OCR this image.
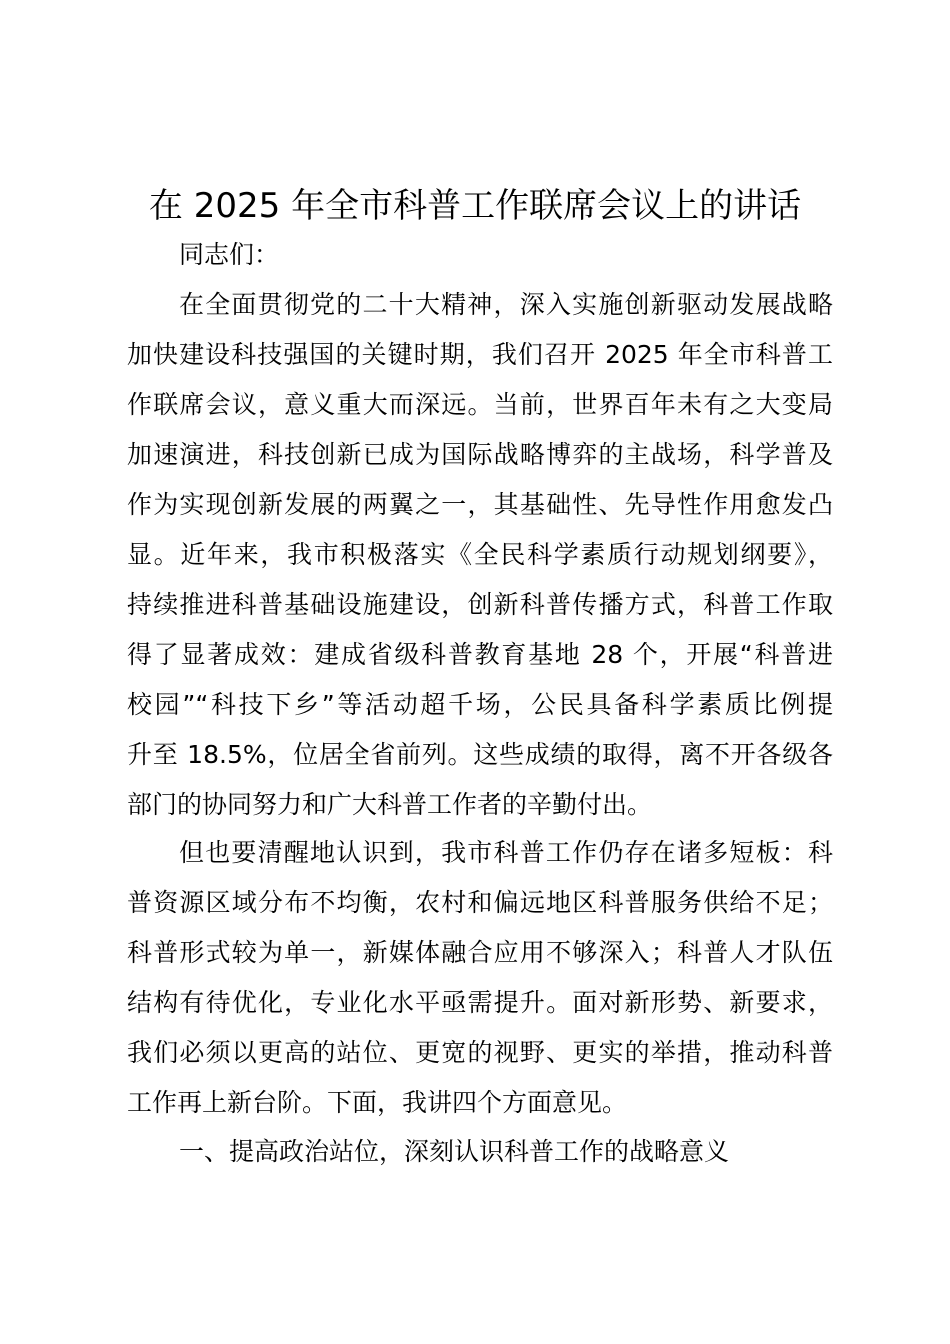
在 2025 年全市科普工作联席会议上的讲话

同志们：

在全面贯彻党的二十大精神，深入实施创新驱动发展战略
加快建设科技强国的关键时期，我们召开 2025 年全市科普工
作联席会议，意义重大而深远。当前，世界百年未有之大变局
加速演进，科技创新已成为国际战略博弈的主战场，科学普及
作为实现创新发展的两翼之一，其基础性、先导性作用愈发凸
显。近年来，我市积极落实《全民科学素质行动规划纲要》，
持续推进科普基础设施建设，创新科普传播方式，科普工作取
得了显著成效：建成省级科普教育基地 28 个，开展“科普进
校园”“科技下乡”等活动超千场，公民具备科学素质比例提
升至 18.5%，位居全省前列。这些成绩的取得，离不开各级各
部门的协同努力和广大科普工作者的辛勤付出。
但也要清醒地认识到，我市科普工作仍存在诸多短板：科
普资源区域分布不均衡，农村和偏远地区科普服务供给不足；
科普形式较为单一，新媒体融合应用不够深入；科普人才队伍
结构有待优化，专业化水平亟需提升。面对新形势、新要求，
我们必须以更高的站位、更宽的视野、更实的举措，推动科普
工作再上新台阶。下面，我讲四个方面意见。

一、提高政治站位，深刻认识科普工作的战略意义
